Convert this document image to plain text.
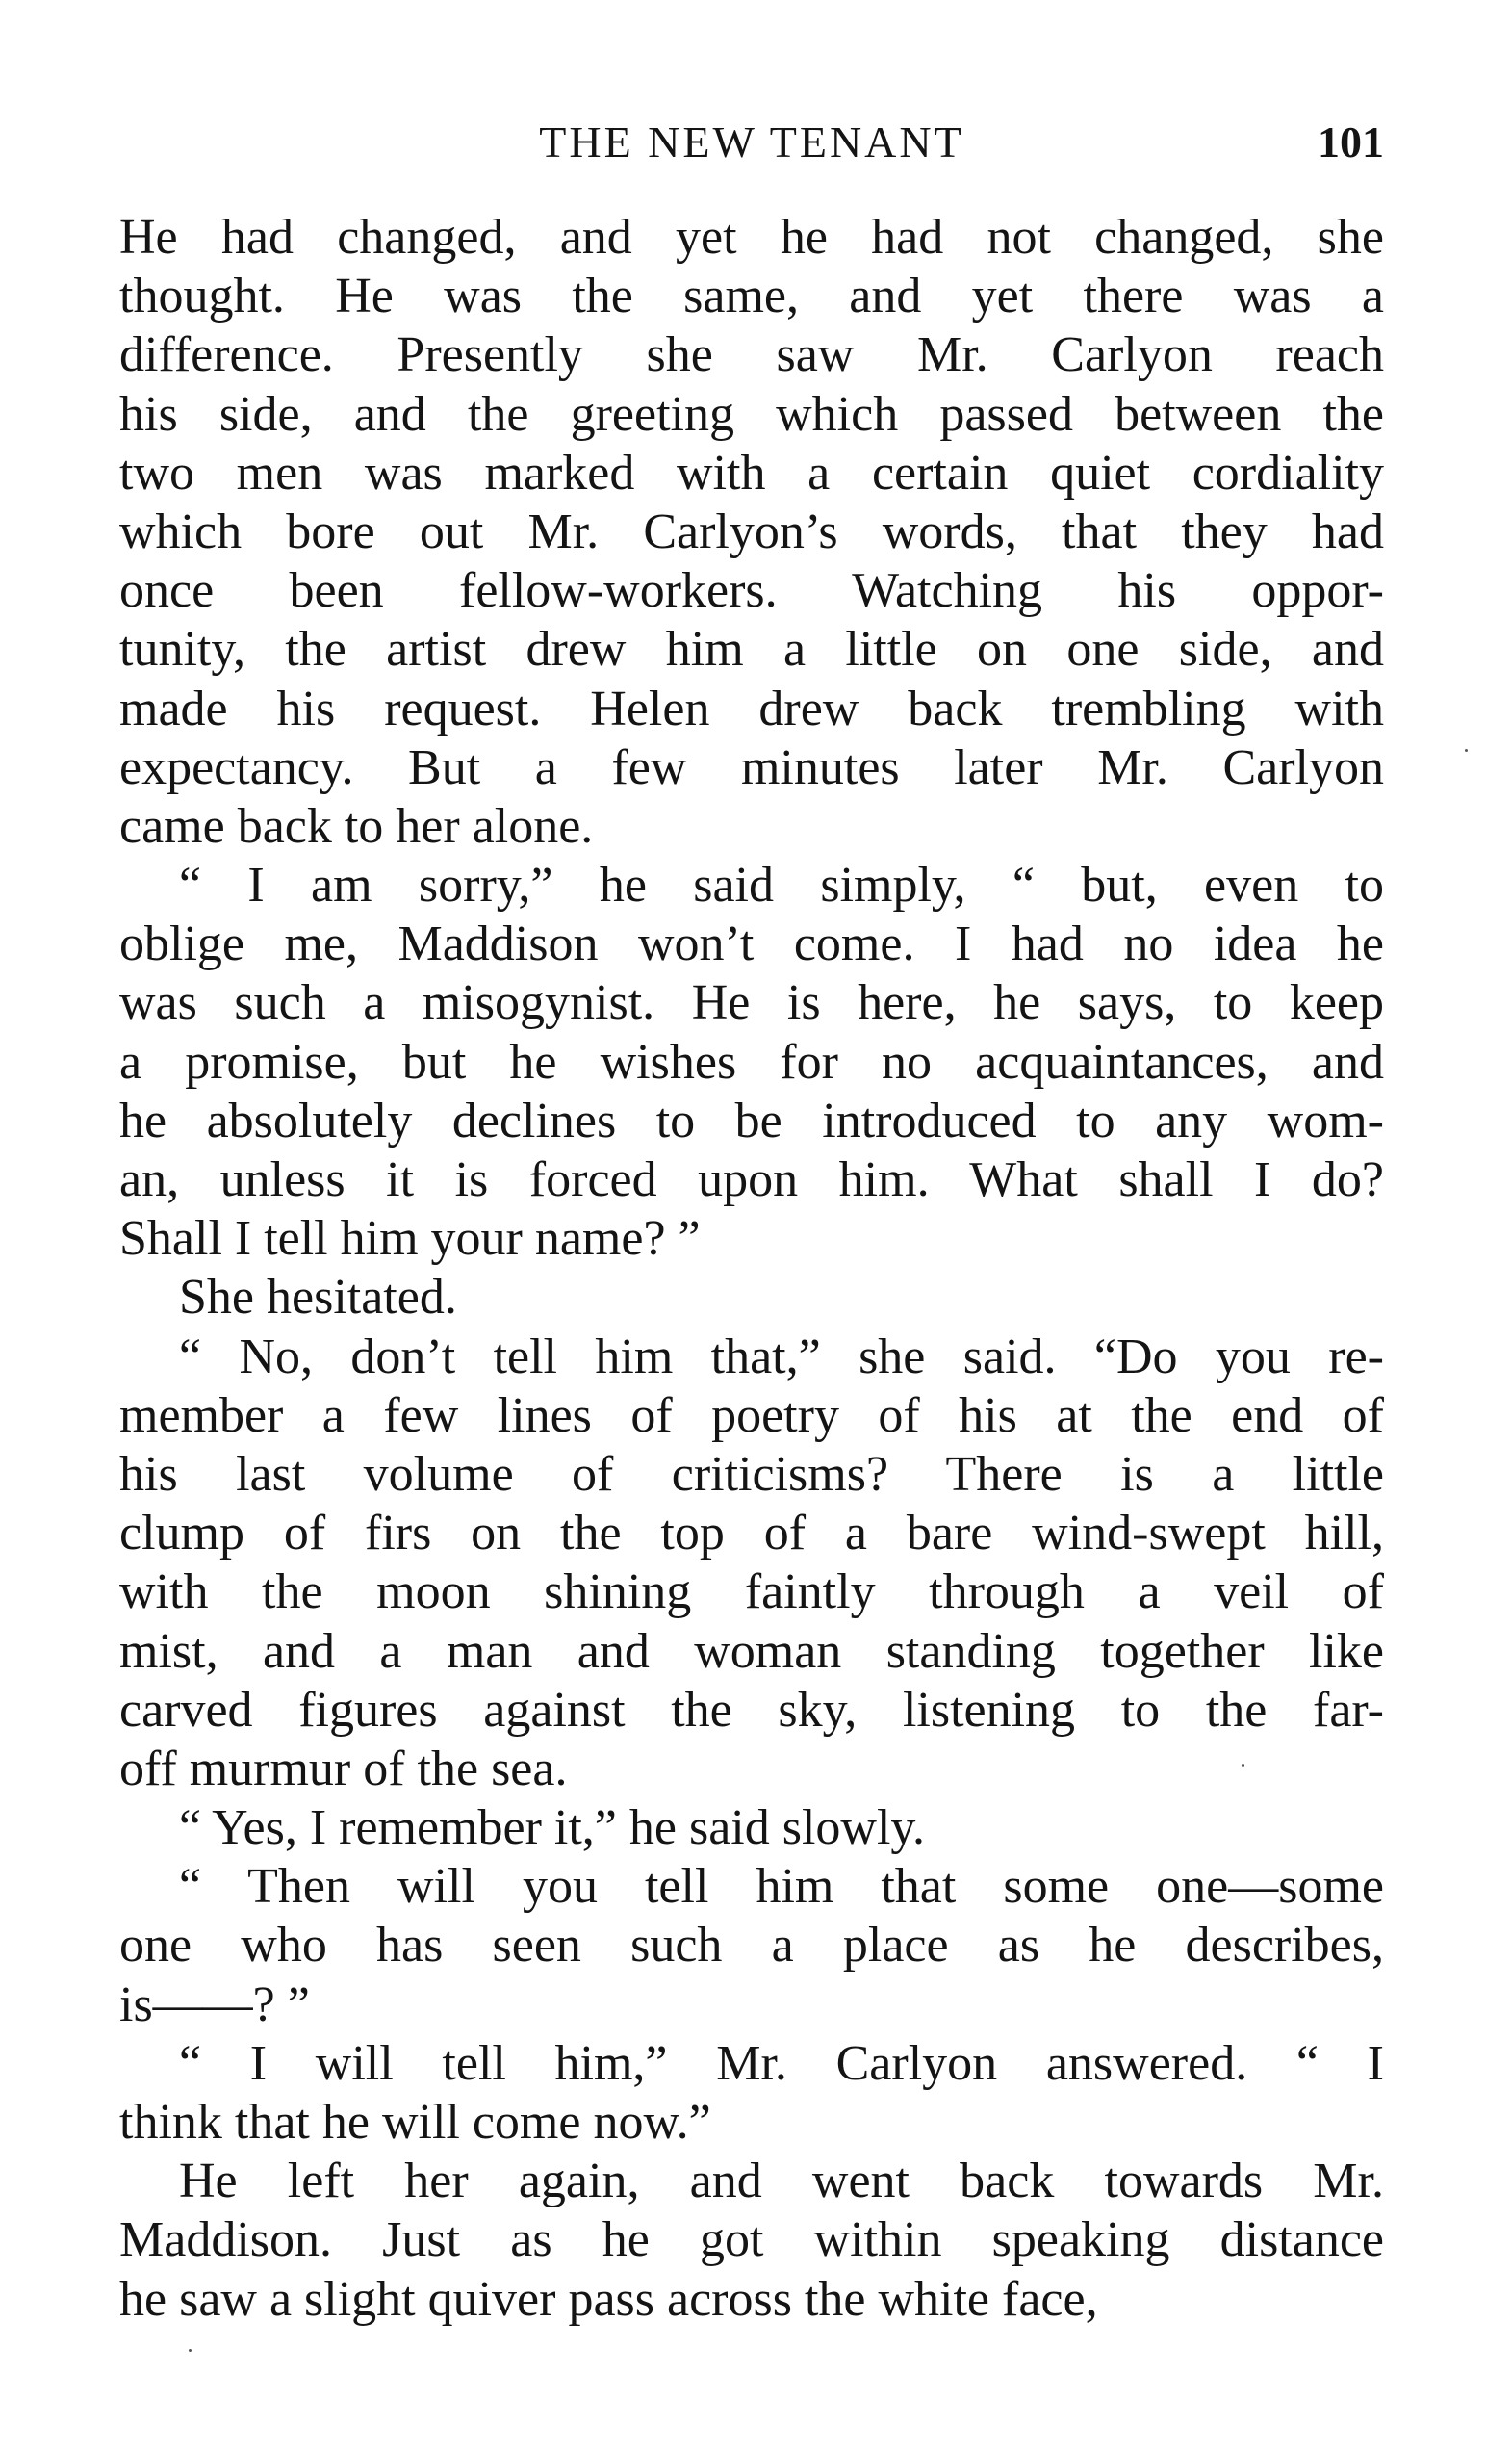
THE NEW TENANT	101
He had changed, and yet he had not changed, she
thought. He was the same, and yet there was a
difference. Presently she saw Mr. Carlyon reach
his side, and the greeting which passed between the
two men was marked with a certain quiet cordiality
which bore out Mr. Carlyon’s words, that they had
once been fellow-workers. Watching his oppor-
tunity, the artist drew him a little on one side, and
made his request. Helen drew back trembling with
expectancy. But a few minutes later Mr. Carlyon
came back to her alone.
“ I am sorry,” he said simply, “ but, even to
oblige me, Maddison won’t come. I had no idea he
was such a misogynist. He is here, he says, to keep
a promise, but he wishes for no acquaintances, and
he absolutely declines to be introduced to any wom-
an, unless it is forced upon him. What shall I do?
Shall I tell him your name? ”
She hesitated.
“ No, don’t tell him that,” she said. “Do you re-
member a few lines of poetry of his at the end of
his last volume of criticisms? There is a little
clump of firs on the top of a bare wind-swept hill,
with the moon shining faintly through a veil of
mist, and a man and woman standing together like
carved figures against the sky, listening to the far-
off murmur of the sea.
“ Yes, I remember it,” he said slowly.
“ Then will you tell him that some one—some
one who has seen such a place as he describes,
is——? ”
“ I will tell him,” Mr. Carlyon answered. “ I
think that he will come now.”
He left her again, and went back towards Mr.
Maddison. Just as he got within speaking distance
he saw a slight quiver pass across the white face,
